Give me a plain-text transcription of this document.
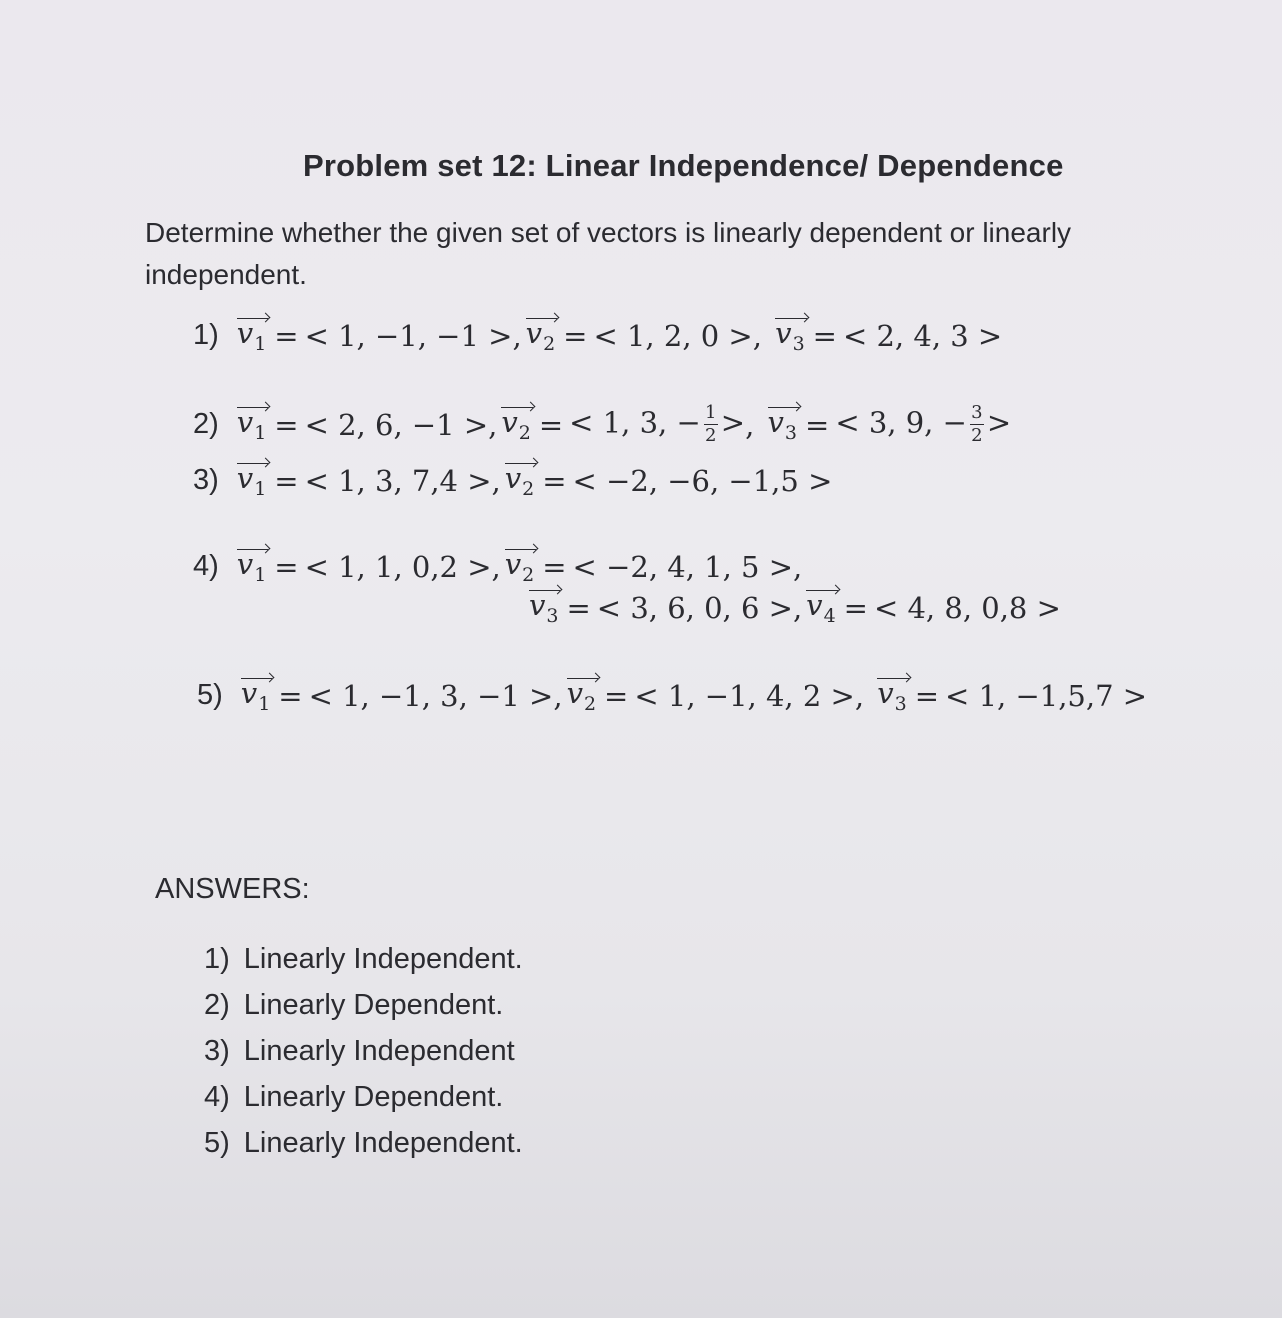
Problem set 12: Linear Independence/ Dependence
Determine whether the given set of vectors is linearly dependent or linearly independent.
1) $v_1$ = < 1, −1, −1 > , $v_2$ = < 1, 2, 0 > , $v_3$ = < 2, 4, 3 >
2) $v_1$ = < 2, 6, −1 > , $v_2$ = < 1, 3, − $\frac{1}{2}$ > , $v_3$ = < 3, 9, − $\frac{3}{2}$ >
3) $v_1$ = < 1, 3, 7,4 > , $v_2$ = < −2, −6, −1,5 >
4) $v_1$ = < 1, 1, 0,2 > , $v_2$ = < −2, 4, 1, 5 > ,
$v_3$ = < 3, 6, 0, 6 > , $v_4$ = < 4, 8, 0,8 >
5) $v_1$ = < 1, −1, 3, −1 > , $v_2$ = < 1, −1, 4, 2 > , $v_3$ = < 1, −1,5,7 >
ANSWERS:
1) Linearly Independent.
2) Linearly Dependent.
3) Linearly Independent
4) Linearly Dependent.
5) Linearly Independent.
